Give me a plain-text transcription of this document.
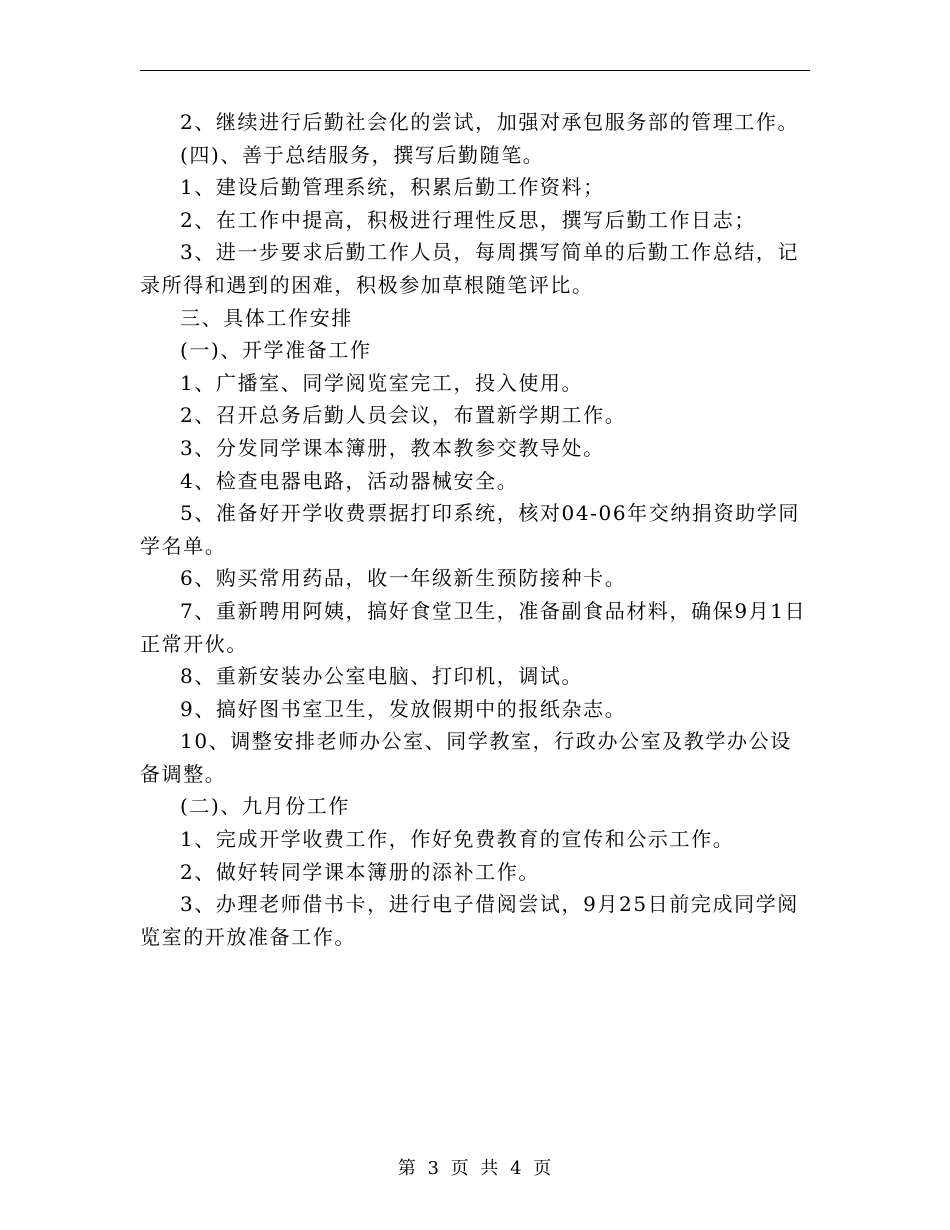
2、继续进行后勤社会化的尝试，加强对承包服务部的管理工作。

(四)、善于总结服务，撰写后勤随笔。

1、建设后勤管理系统，积累后勤工作资料；

2、在工作中提高，积极进行理性反思，撰写后勤工作日志；

3、进一步要求后勤工作人员，每周撰写简单的后勤工作总结，记录所得和遇到的困难，积极参加草根随笔评比。

三、具体工作安排

(一)、开学准备工作

1、广播室、同学阅览室完工，投入使用。

2、召开总务后勤人员会议，布置新学期工作。

3、分发同学课本簿册，教本教参交教导处。

4、检查电器电路，活动器械安全。

5、准备好开学收费票据打印系统，核对04-06年交纳捐资助学同学名单。

6、购买常用药品，收一年级新生预防接种卡。

7、重新聘用阿姨，搞好食堂卫生，准备副食品材料，确保9月1日正常开伙。

8、重新安装办公室电脑、打印机，调试。

9、搞好图书室卫生，发放假期中的报纸杂志。

10、调整安排老师办公室、同学教室，行政办公室及教学办公设备调整。

(二)、九月份工作

1、完成开学收费工作，作好免费教育的宣传和公示工作。

2、做好转同学课本簿册的添补工作。

3、办理老师借书卡，进行电子借阅尝试，9月25日前完成同学阅览室的开放准备工作。

第 3 页 共 4 页
